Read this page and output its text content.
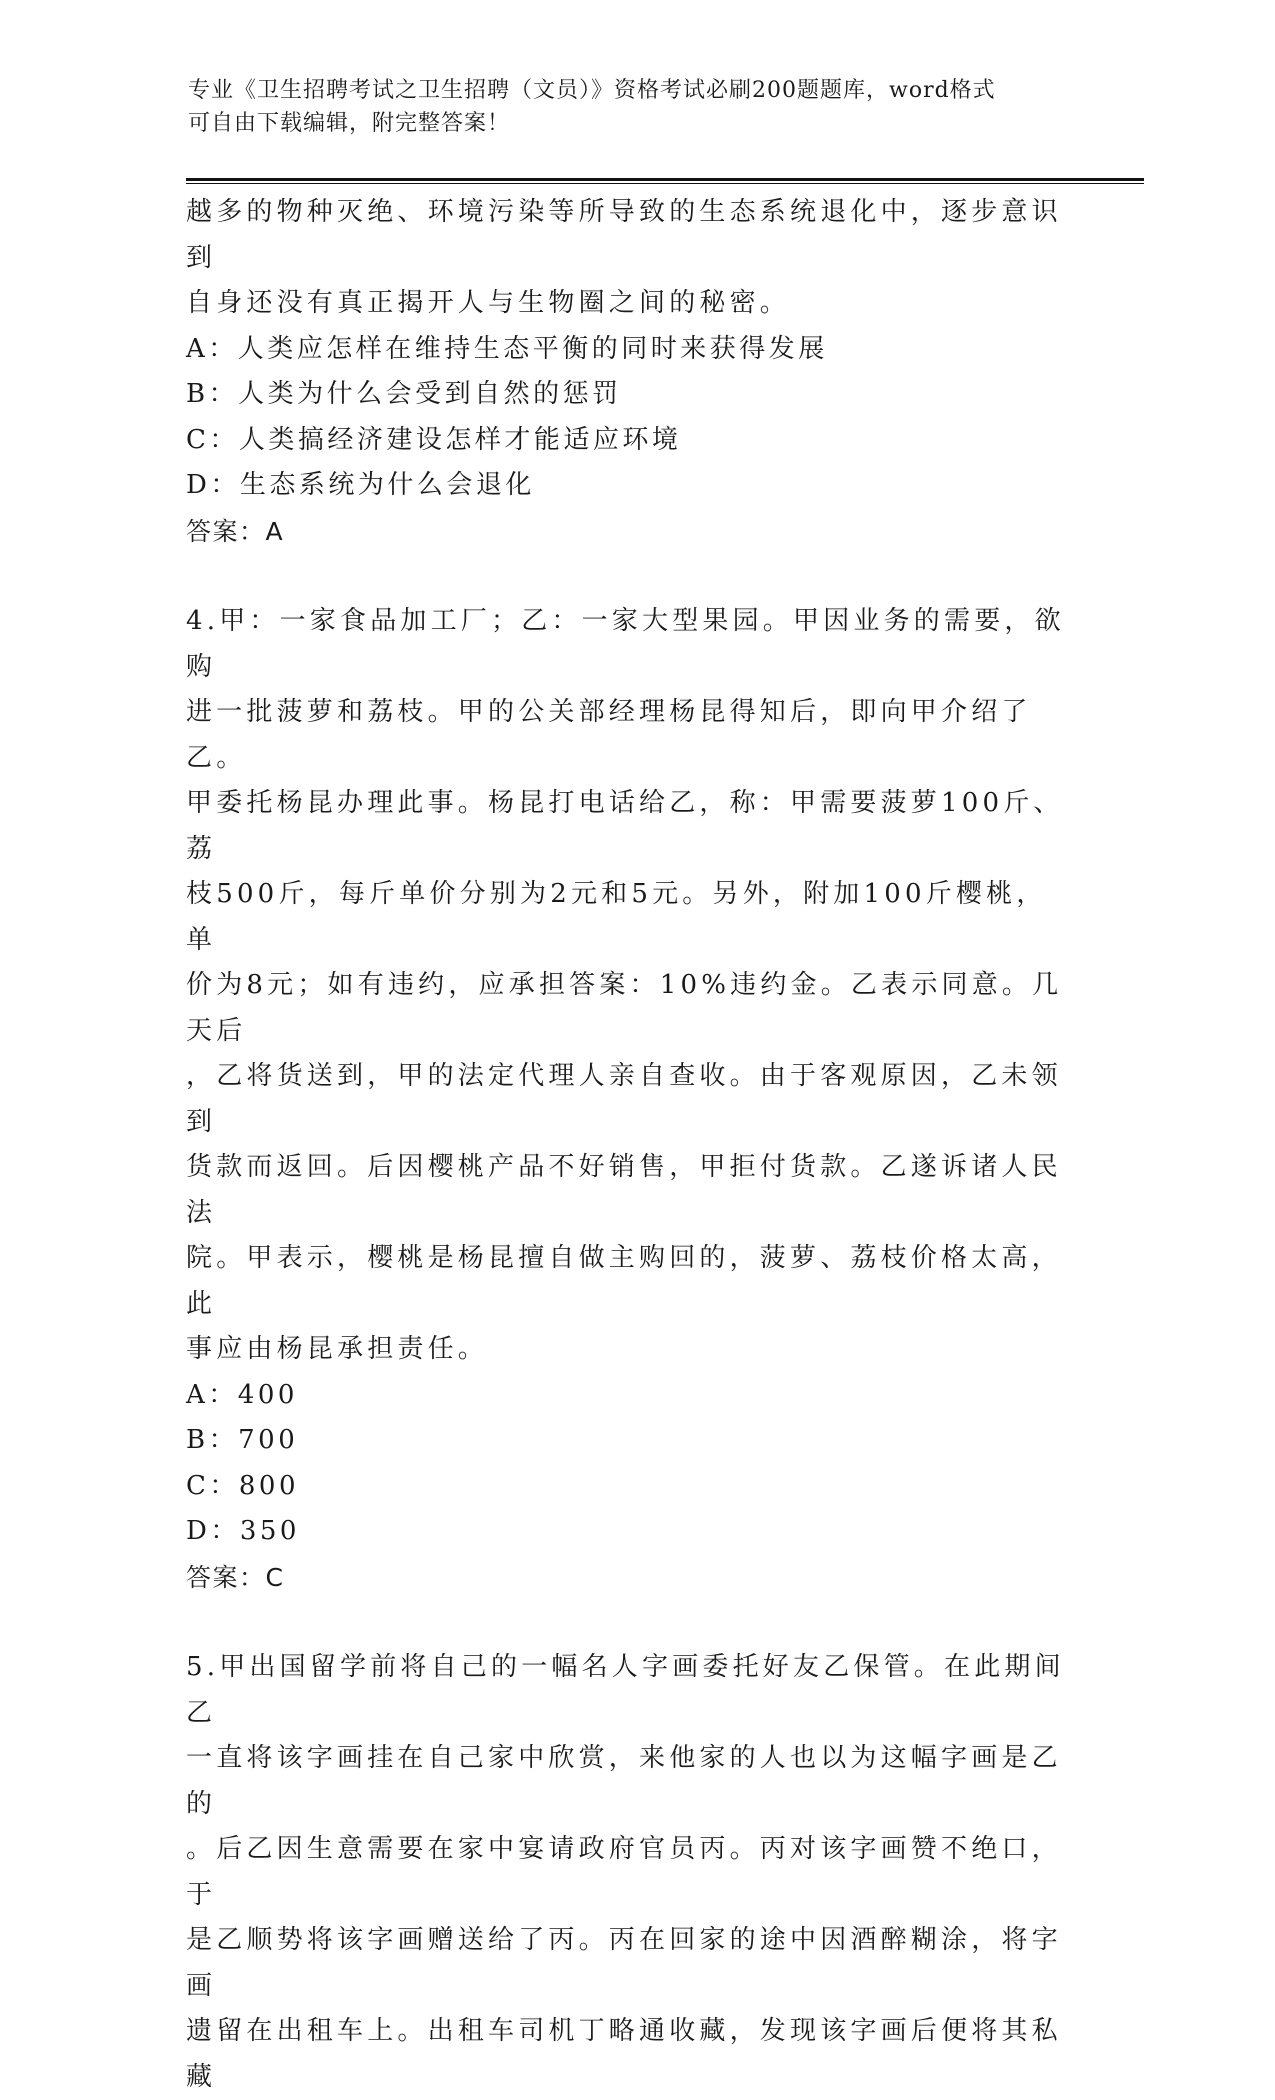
专业《卫生招聘考试之卫生招聘（文员）》资格考试必刷200题题库，word格式
可自由下载编辑，附完整答案！

越多的物种灭绝、环境污染等所导致的生态系统退化中，逐步意识到

自身还没有真正揭开人与生物圈之间的秘密。

A：人类应怎样在维持生态平衡的同时来获得发展

B：人类为什么会受到自然的惩罚

C：人类搞经济建设怎样才能适应环境

D：生态系统为什么会退化

答案：A

4.甲：一家食品加工厂；乙：一家大型果园。甲因业务的需要，欲购

进一批菠萝和荔枝。甲的公关部经理杨昆得知后，即向甲介绍了乙。

甲委托杨昆办理此事。杨昆打电话给乙，称：甲需要菠萝100斤、荔

枝500斤，每斤单价分别为2元和5元。另外，附加100斤樱桃，单

价为8元；如有违约，应承担答案：10%违约金。乙表示同意。几天后

，乙将货送到，甲的法定代理人亲自查收。由于客观原因，乙未领到

货款而返回。后因樱桃产品不好销售，甲拒付货款。乙遂诉诸人民法

院。甲表示，樱桃是杨昆擅自做主购回的，菠萝、荔枝价格太高，此

事应由杨昆承担责任。

A：400

B：700

C：800

D：350

答案：C

5.甲出国留学前将自己的一幅名人字画委托好友乙保管。在此期间乙

一直将该字画挂在自己家中欣赏，来他家的人也以为这幅字画是乙的

。后乙因生意需要在家中宴请政府官员丙。丙对该字画赞不绝口，于

是乙顺势将该字画赠送给了丙。丙在回家的途中因酒醉糊涂，将字画

遗留在出租车上。出租车司机丁略通收藏，发现该字画后便将其私藏
